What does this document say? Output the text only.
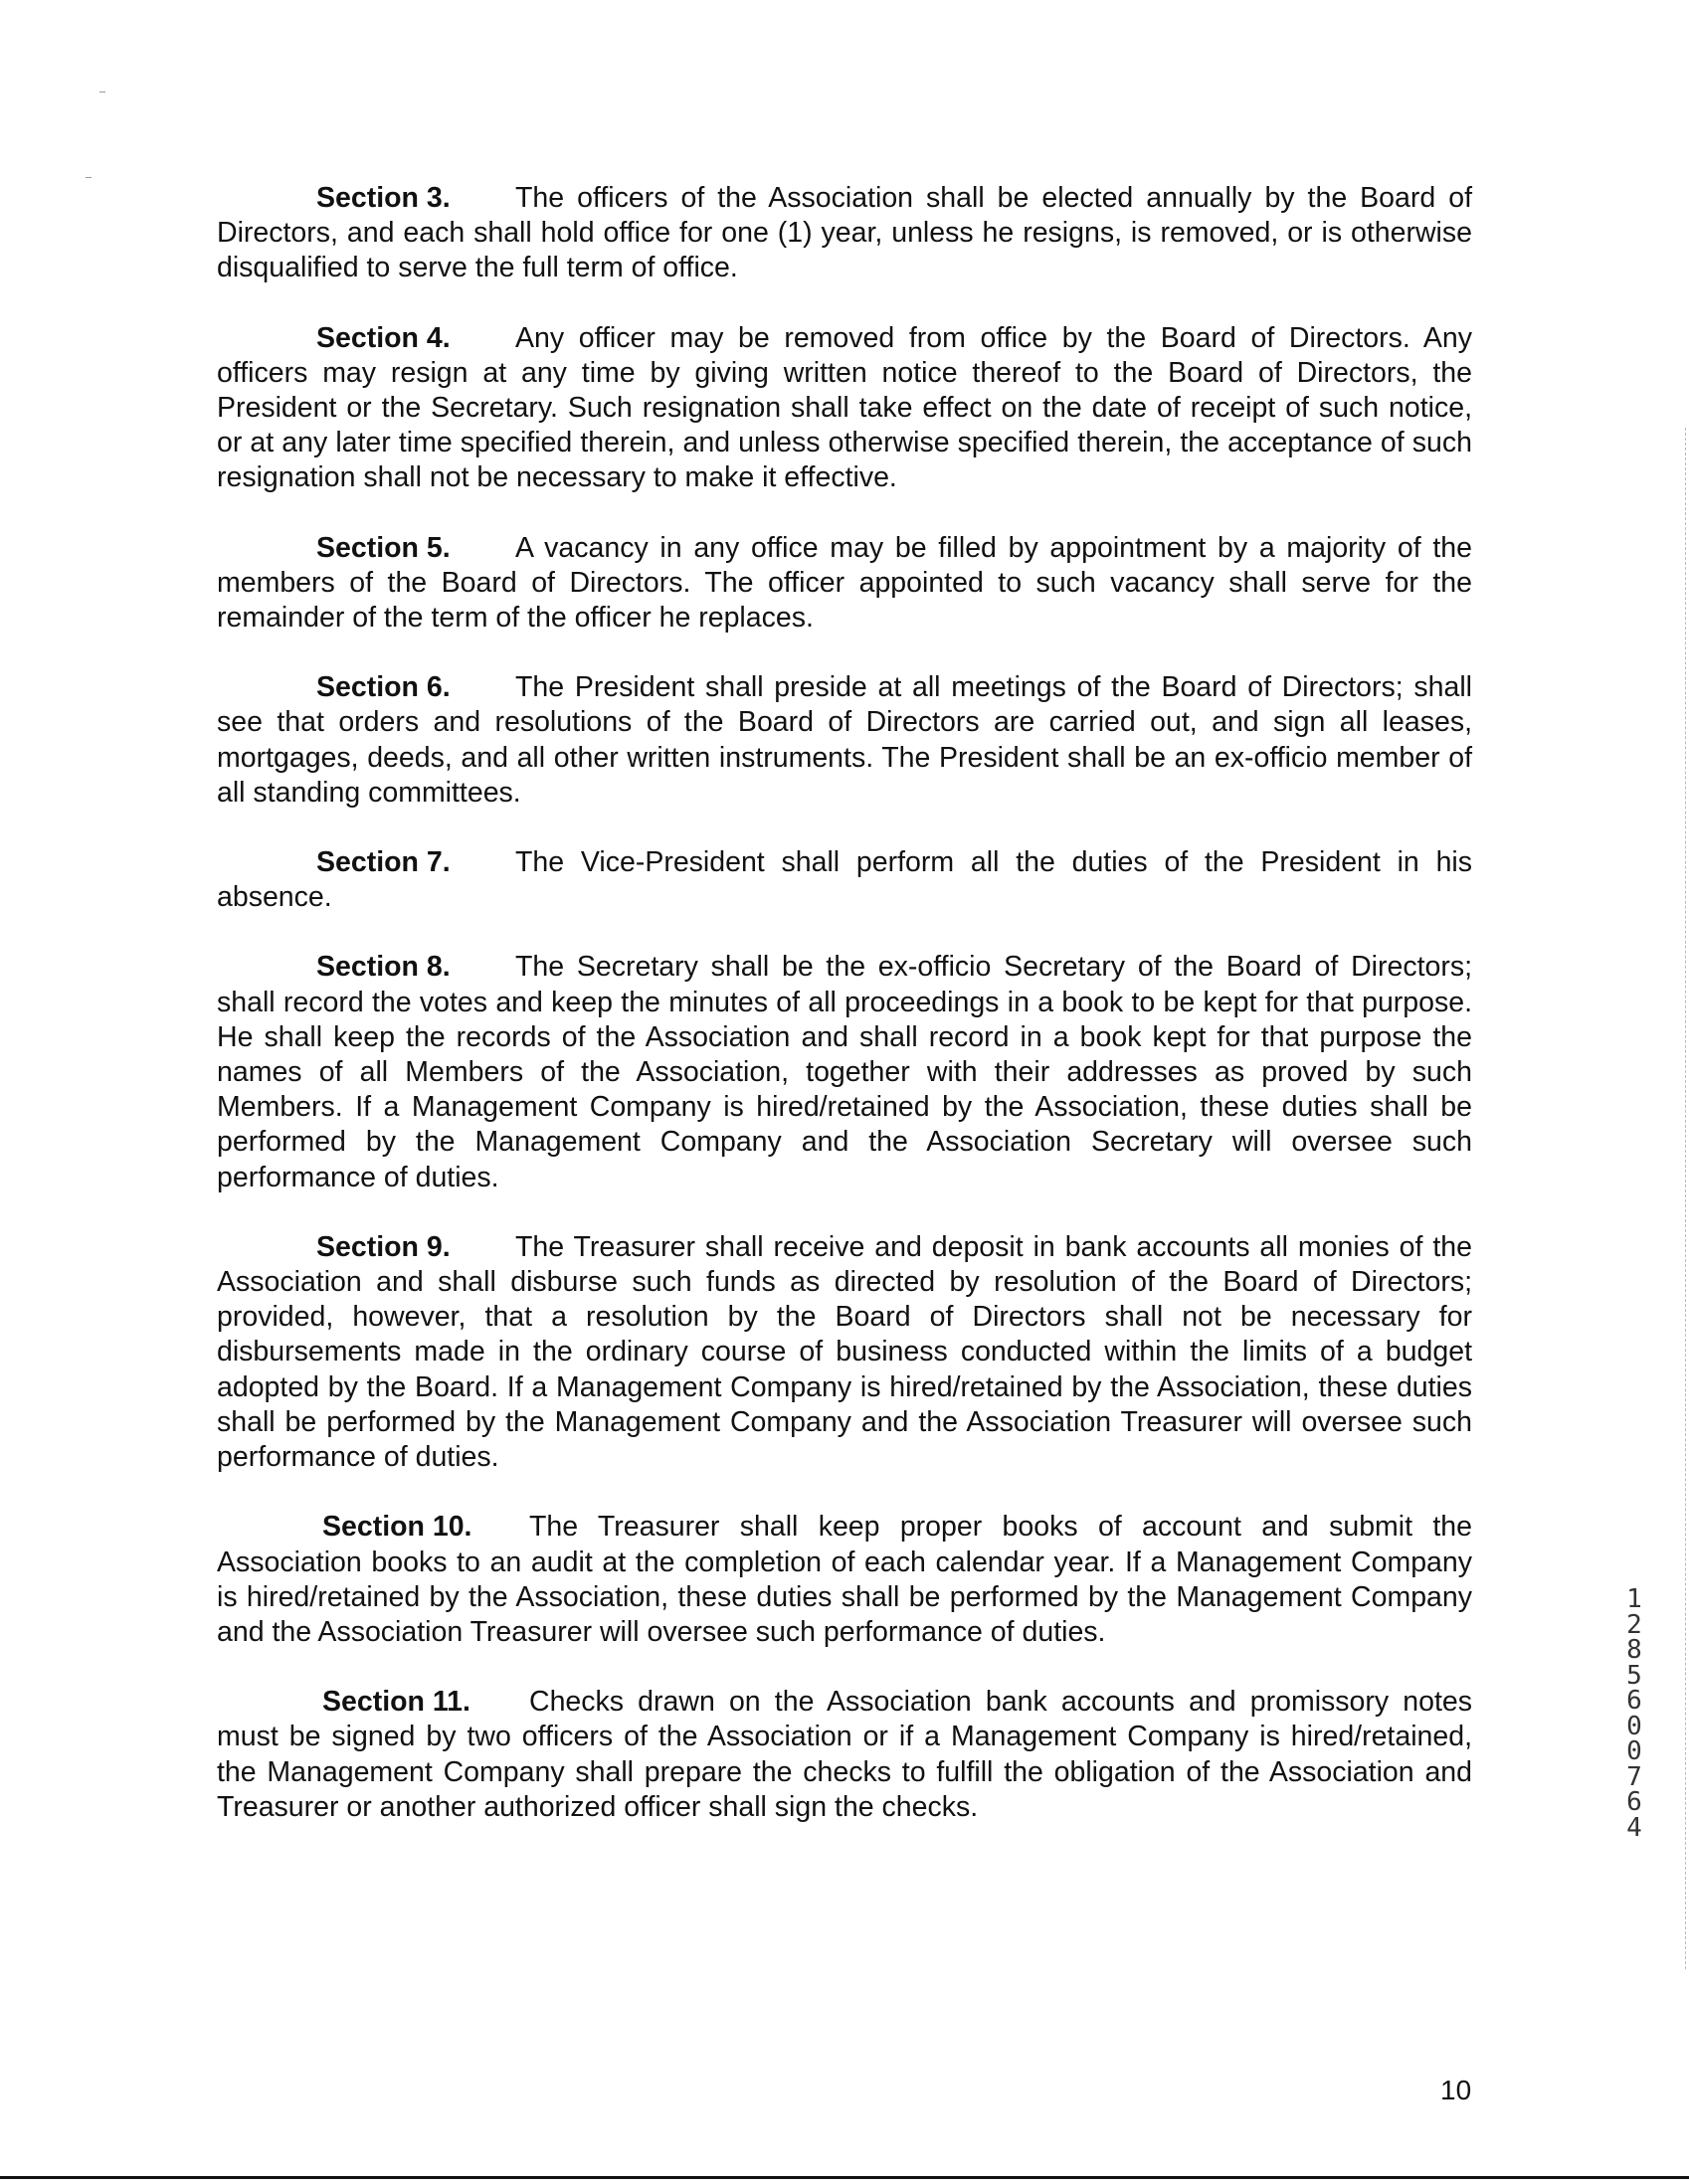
Section 3. The officers of the Association shall be elected annually by the Board of Directors, and each shall hold office for one (1) year, unless he resigns, is removed, or is otherwise disqualified to serve the full term of office.

Section 4. Any officer may be removed from office by the Board of Directors. Any officers may resign at any time by giving written notice thereof to the Board of Directors, the President or the Secretary. Such resignation shall take effect on the date of receipt of such notice, or at any later time specified therein, and unless otherwise specified therein, the acceptance of such resignation shall not be necessary to make it effective.

Section 5. A vacancy in any office may be filled by appointment by a majority of the members of the Board of Directors. The officer appointed to such vacancy shall serve for the remainder of the term of the officer he replaces.

Section 6. The President shall preside at all meetings of the Board of Directors; shall see that orders and resolutions of the Board of Directors are carried out, and sign all leases, mortgages, deeds, and all other written instruments. The President shall be an ex-officio member of all standing committees.

Section 7. The Vice-President shall perform all the duties of the President in his absence.

Section 8. The Secretary shall be the ex-officio Secretary of the Board of Directors; shall record the votes and keep the minutes of all proceedings in a book to be kept for that purpose. He shall keep the records of the Association and shall record in a book kept for that purpose the names of all Members of the Association, together with their addresses as proved by such Members. If a Management Company is hired/retained by the Association, these duties shall be performed by the Management Company and the Association Secretary will oversee such performance of duties.

Section 9. The Treasurer shall receive and deposit in bank accounts all monies of the Association and shall disburse such funds as directed by resolution of the Board of Directors; provided, however, that a resolution by the Board of Directors shall not be necessary for disbursements made in the ordinary course of business conducted within the limits of a budget adopted by the Board. If a Management Company is hired/retained by the Association, these duties shall be performed by the Management Company and the Association Treasurer will oversee such performance of duties.

Section 10. The Treasurer shall keep proper books of account and submit the Association books to an audit at the completion of each calendar year. If a Management Company is hired/retained by the Association, these duties shall be performed by the Management Company and the Association Treasurer will oversee such performance of duties.

Section 11. Checks drawn on the Association bank accounts and promissory notes must be signed by two officers of the Association or if a Management Company is hired/retained, the Management Company shall prepare the checks to fulfill the obligation of the Association and Treasurer or another authorized officer shall sign the checks.

12856 00764
10
